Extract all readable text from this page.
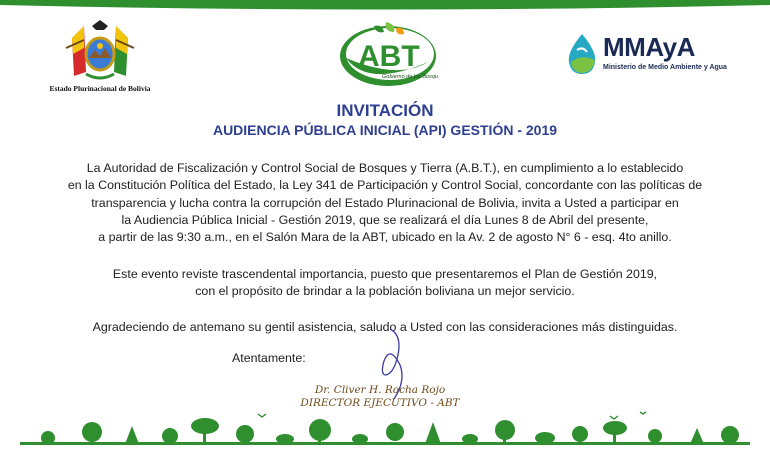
Estado Plurinacional de Bolivia
ABT
Gobierno de los Bosques
MMAyA
Ministerio de Medio Ambiente y Agua
INVITACIÓN
AUDIENCIA PÚBLICA INICIAL (API) GESTIÓN - 2019

La Autoridad de Fiscalización y Control Social de Bosques y Tierra (A.B.T.), en cumplimiento a lo establecido
en la Constitución Política del Estado, la Ley 341 de Participación y Control Social, concordante con las políticas de
transparencia y lucha contra la corrupción del Estado Plurinacional de Bolivia, invita a Usted a participar en
la Audiencia Pública Inicial - Gestión 2019, que se realizará el día Lunes 8 de Abril del presente,
a partir de las 9:30 a.m., en el Salón Mara de la ABT, ubicado en la Av. 2 de agosto N° 6 - esq. 4to anillo.

Este evento reviste trascendental importancia, puesto que presentaremos el Plan de Gestión 2019,
con el propósito de brindar a la población boliviana un mejor servicio.

Agradeciendo de antemano su gentil asistencia, saludo a Usted con las consideraciones más distinguidas.

Atentamente:
Dr. Cliver H. Rocha Rojo
DIRECTOR EJECUTIVO - ABT
